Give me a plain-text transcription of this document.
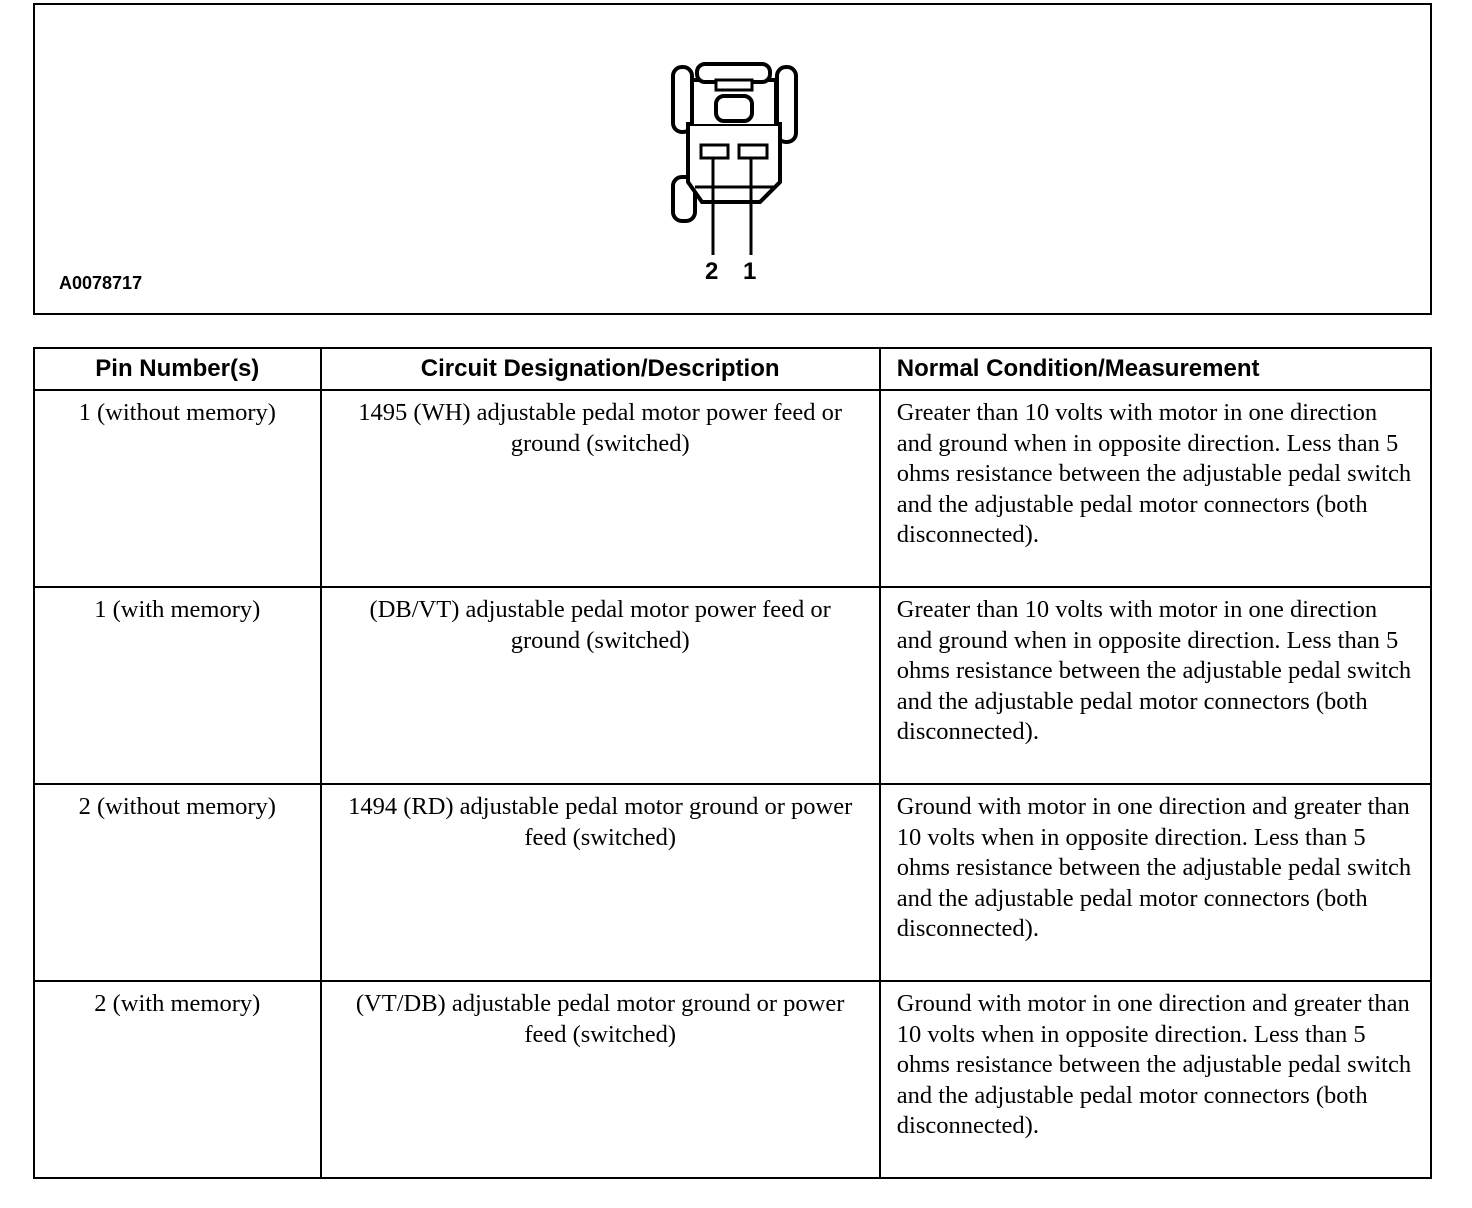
2 1
A0078717
Pin Number(s)	Circuit Designation/Description	Normal Condition/Measurement
1 (without memory)	1495 (WH) adjustable pedal motor power feed or ground (switched)	Greater than 10 volts with motor in one direction and ground when in opposite direction. Less than 5 ohms resistance between the adjustable pedal switch and the adjustable pedal motor connectors (both disconnected).
1 (with memory)	(DB/VT) adjustable pedal motor power feed or ground (switched)	Greater than 10 volts with motor in one direction and ground when in opposite direction. Less than 5 ohms resistance between the adjustable pedal switch and the adjustable pedal motor connectors (both disconnected).
2 (without memory)	1494 (RD) adjustable pedal motor ground or power feed (switched)	Ground with motor in one direction and greater than 10 volts when in opposite direction. Less than 5 ohms resistance between the adjustable pedal switch and the adjustable pedal motor connectors (both disconnected).
2 (with memory)	(VT/DB) adjustable pedal motor ground or power feed (switched)	Ground with motor in one direction and greater than 10 volts when in opposite direction. Less than 5 ohms resistance between the adjustable pedal switch and the adjustable pedal motor connectors (both disconnected).
